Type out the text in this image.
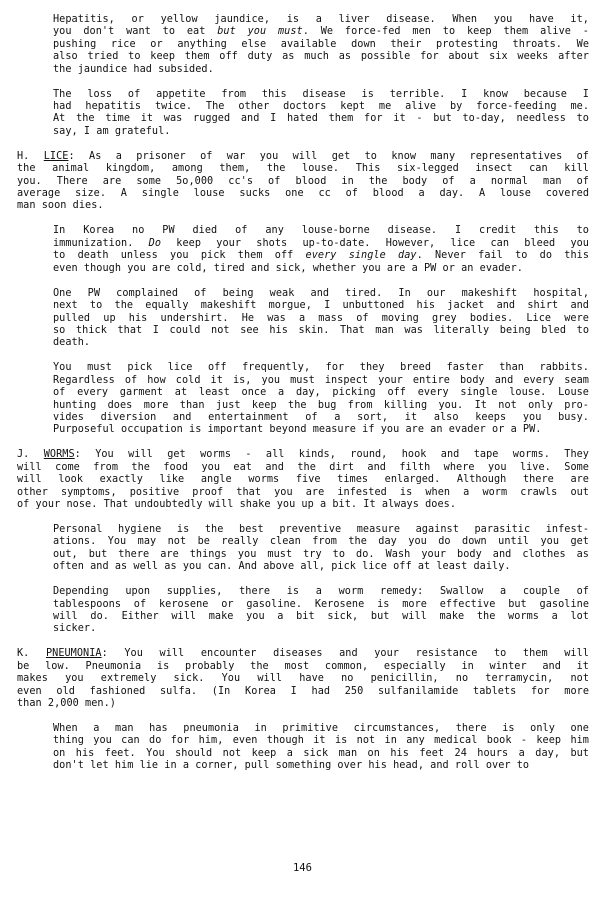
Hepatitis, or yellow jaundice, is a liver disease. When you have it,
you don't want to eat but you must. We force-fed men to keep them alive -
pushing rice or anything else available down their protesting throats. We
also tried to keep them off duty as much as possible for about six weeks after
the jaundice had subsided.
The loss of appetite from this disease is terrible. I know because I
had hepatitis twice. The other doctors kept me alive by force-feeding me.
At the time it was rugged and I hated them for it - but to-day, needless to
say, I am grateful.
H. LICE: As a prisoner of war you will get to know many representatives of
the animal kingdom, among them, the louse. This six-legged insect can kill
you. There are some 5o,000 cc's of blood in the body of a normal man of
average size. A single louse sucks one cc of blood a day. A louse covered
man soon dies.
In Korea no PW died of any louse-borne disease. I credit this to
immunization. Do keep your shots up-to-date. However, lice can bleed you
to death unless you pick them off every single day. Never fail to do this
even though you are cold, tired and sick, whether you are a PW or an evader.
One PW complained of being weak and tired. In our makeshift hospital,
next to the equally makeshift morgue, I unbuttoned his jacket and shirt and
pulled up his undershirt. He was a mass of moving grey bodies. Lice were
so thick that I could not see his skin. That man was literally being bled to
death.
You must pick lice off frequently, for they breed faster than rabbits.
Regardless of how cold it is, you must inspect your entire body and every seam
of every garment at least once a day, picking off every single louse. Louse
hunting does more than just keep the bug from killing you. It not only pro-
vides diversion and entertainment of a sort, it also keeps you busy.
Purposeful occupation is important beyond measure if you are an evader or a PW.
J. WORMS: You will get worms - all kinds, round, hook and tape worms. They
will come from the food you eat and the dirt and filth where you live. Some
will look exactly like angle worms five times enlarged. Although there are
other symptoms, positive proof that you are infested is when a worm crawls out
of your nose. That undoubtedly will shake you up a bit. It always does.
Personal hygiene is the best preventive measure against parasitic infest-
ations. You may not be really clean from the day you do down until you get
out, but there are things you must try to do. Wash your body and clothes as
often and as well as you can. And above all, pick lice off at least daily.
Depending upon supplies, there is a worm remedy: Swallow a couple of
tablespoons of kerosene or gasoline. Kerosene is more effective but gasoline
will do. Either will make you a bit sick, but will make the worms a lot
sicker.
K. PNEUMONIA: You will encounter diseases and your resistance to them will
be low. Pneumonia is probably the most common, especially in winter and it
makes you extremely sick. You will have no penicillin, no terramycin, not
even old fashioned sulfa. (In Korea I had 250 sulfanilamide tablets for more
than 2,000 men.)
When a man has pneumonia in primitive circumstances, there is only one
thing you can do for him, even though it is not in any medical book - keep him
on his feet. You should not keep a sick man on his feet 24 hours a day, but
don't let him lie in a corner, pull something over his head, and roll over to
146
